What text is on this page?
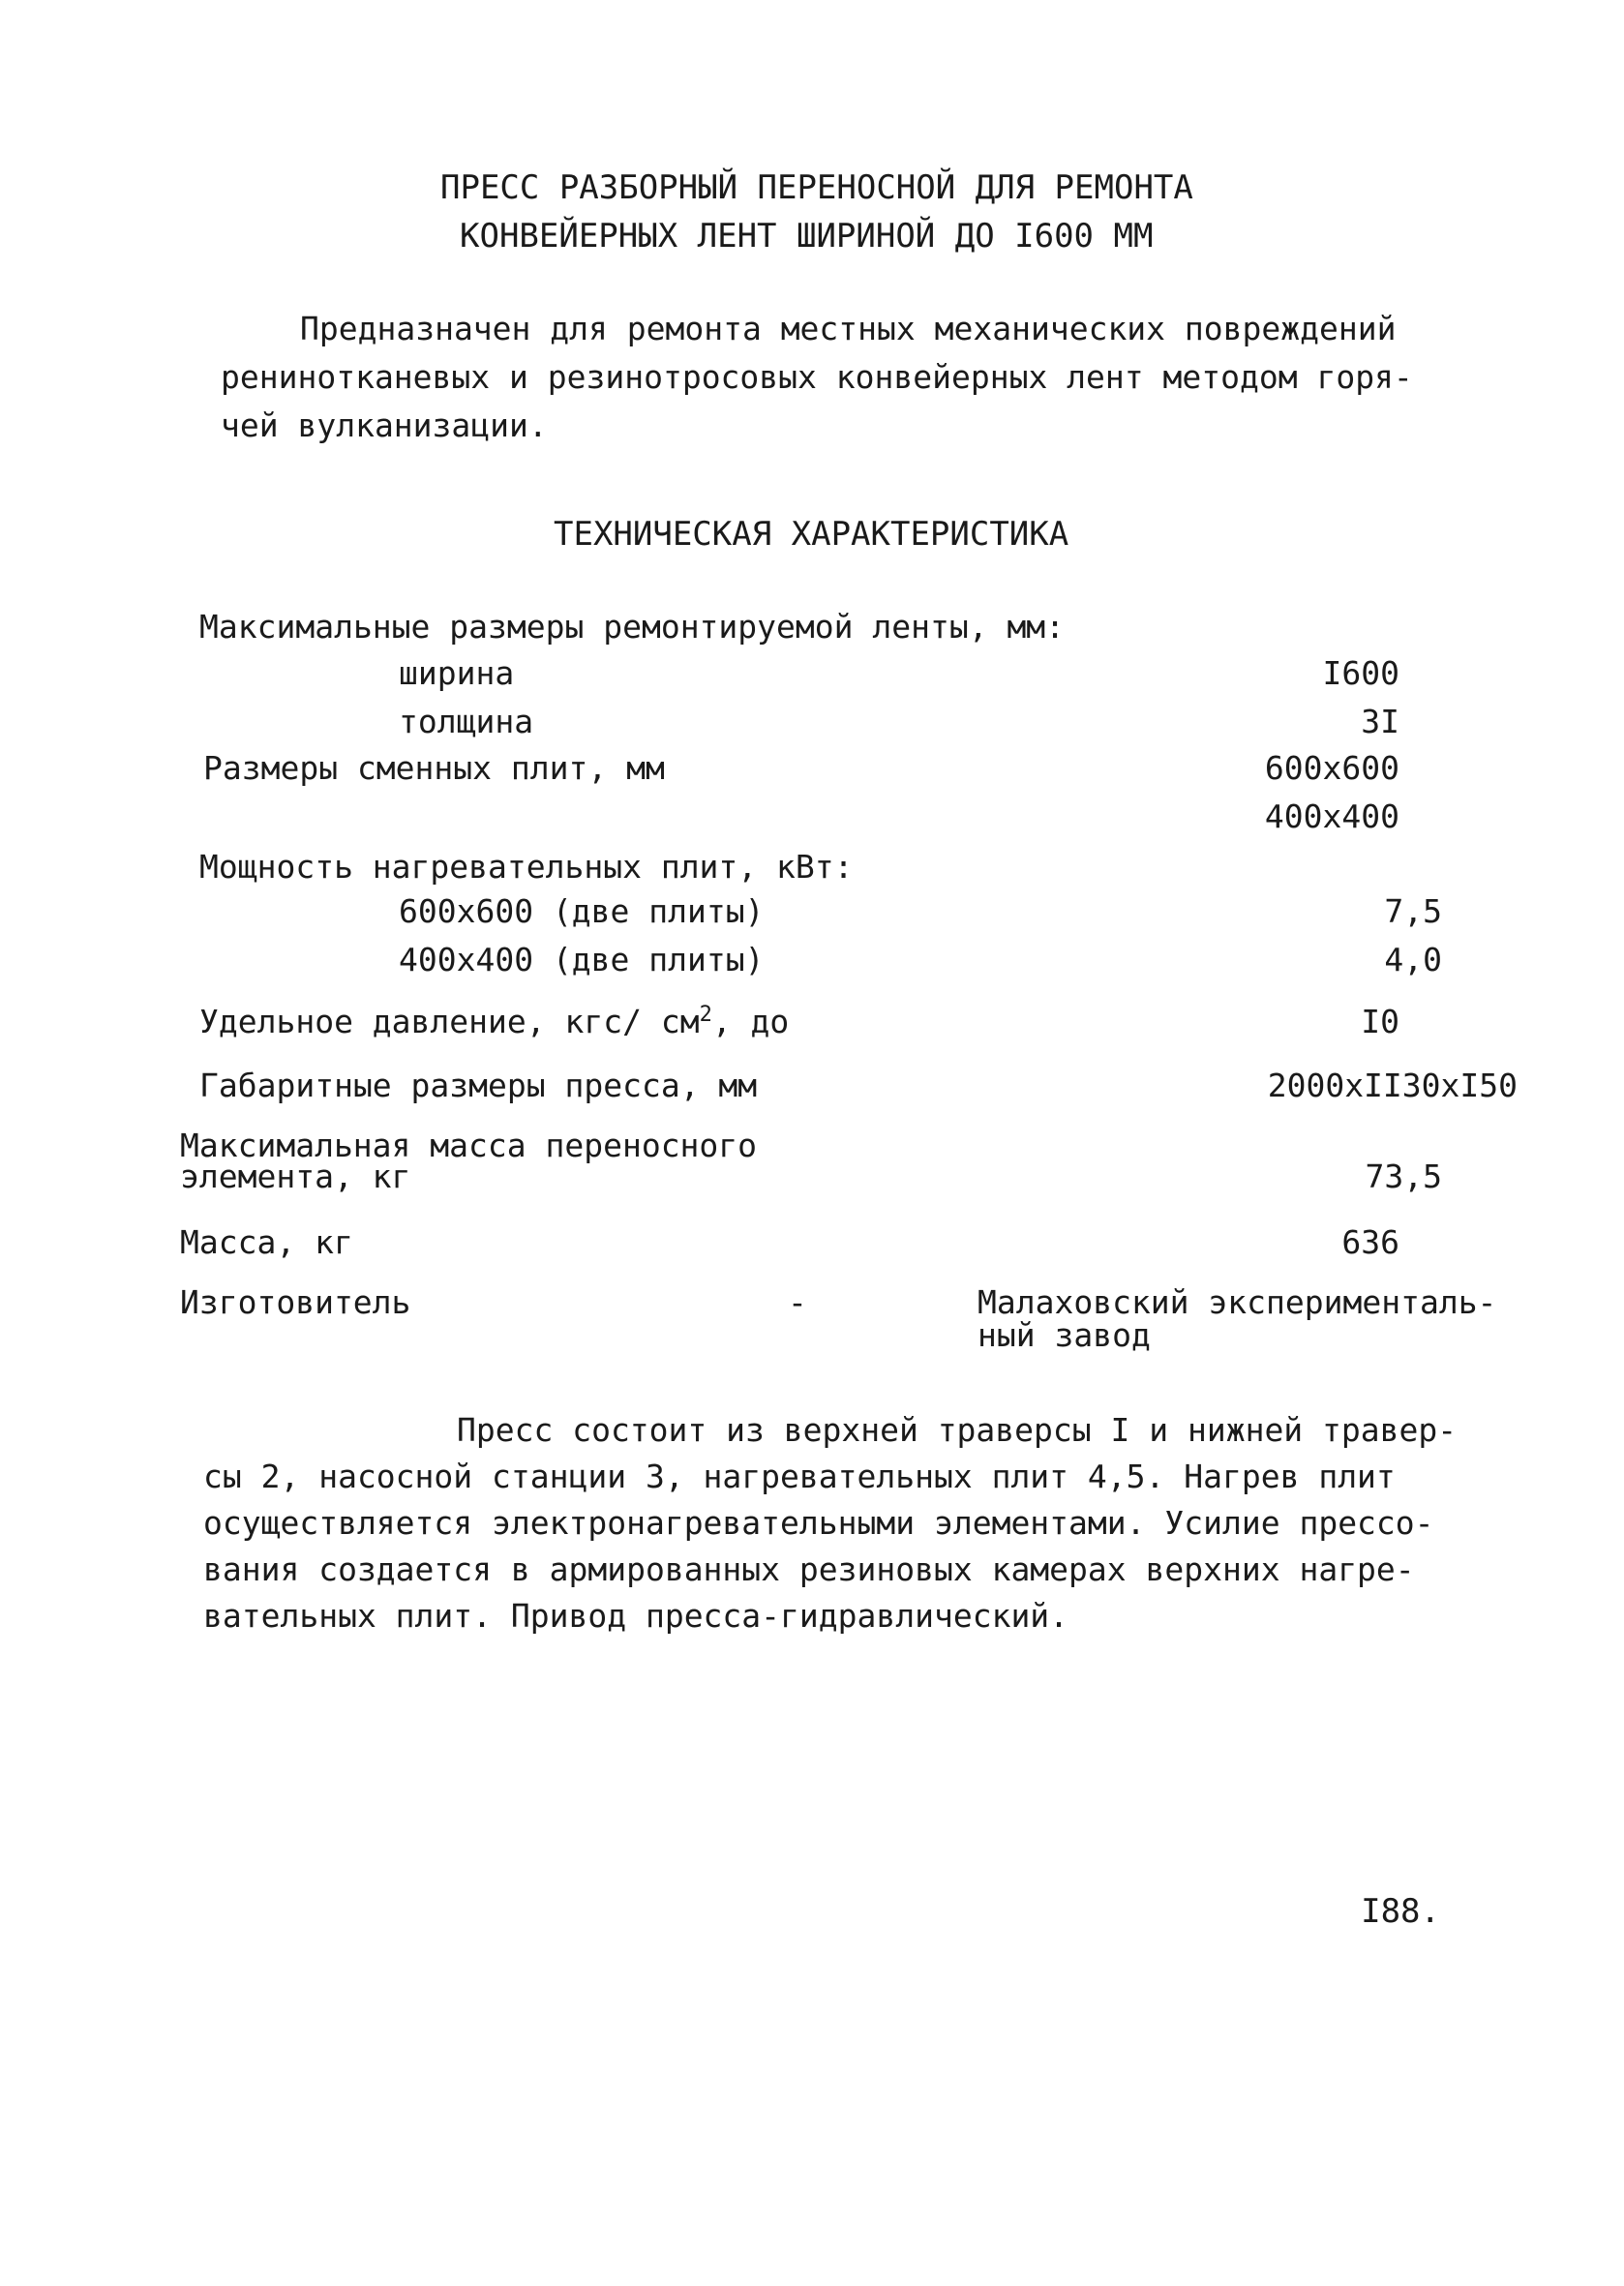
ПРЕСС РАЗБОРНЫЙ ПЕРЕНОСНОЙ ДЛЯ РЕМОНТА
КОНВЕЙЕРНЫХ ЛЕНТ ШИРИНОЙ ДО I600 ММ
Предназначен для ремонта местных механических повреждений
ренинотканевых и резинотросовых конвейерных лент методом горя-
чей вулканизации.
ТЕХНИЧЕСКАЯ ХАРАКТЕРИСТИКА
Максимальные размеры ремонтируемой ленты, мм:
ширина	I600
толщина	3I
Размеры сменных плит, мм	600х600
400х400
Мощность нагревательных плит, кВт:
600х600 (две плиты)	7,5
400х400 (две плиты)	4,0
Удельное давление, кгс/ $см^2$, до	I0
Габаритные размеры пресса, мм	2000хII30хI50
Максимальная масса переносного
элемента, кг	73,5
Масса, кг	636
Изготовитель	-	Малаховский эксперименталь-
ный завод
Пресс состоит из верхней траверсы I и нижней травер-
сы 2, насосной станции 3, нагревательных плит 4,5. Нагрев плит
осуществляется электронагревательными элементами. Усилие прессо-
вания создается в армированных резиновых камерах верхних нагре-
вательных плит. Привод пресса-гидравлический.
I88.
